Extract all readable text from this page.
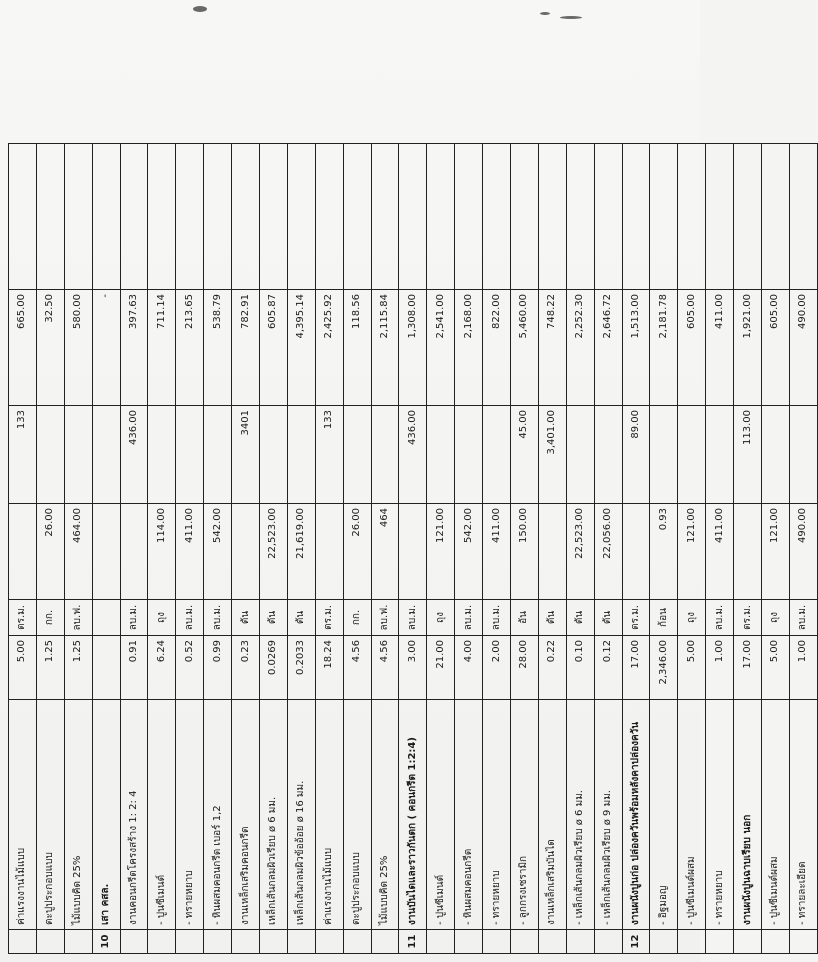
	ค่าแรงงานไม้แบบ	5.00	ตร.ม.		133	665.00	
	ตะปูประกอบแบบ	1.25	กก.	26.00		32.50	
	ไม้แบบคิด 25%	1.25	ลบ.ฟ.	464.00		580.00	
10	เสา คสล.					-	
	งานคอนกรีตโครงสร้าง 1: 2: 4	0.91	ลบ.ม.		436.00	397.63	
	- ปูนซีเมนต์	6.24	ถุง	114.00		711.14	
	- ทรายหยาบ	0.52	ลบ.ม.	411.00		213.65	
	- หินผสมคอนกรีต เบอร์ 1,2	0.99	ลบ.ม.	542.00		538.79	
	งานเหล็กเสริมคอนกรีต	0.23	ตัน		3401	782.91	
	เหล็กเส้นกลมผิวเรียบ ø 6 มม.	0.0269	ตัน	22,523.00		605.87	
	เหล็กเส้นกลมผิวข้ออ้อย ø 16 มม.	0.2033	ตัน	21,619.00		4,395.14	
	ค่าแรงงานไม้แบบ	18.24	ตร.ม.		133	2,425.92	
	ตะปูประกอบแบบ	4.56	กก.	26.00		118.56	
	ไม้แบบคิด 25%	4.56	ลบ.ฟ.	464		2,115.84	
11	งานบันไดและราวกันตก ( คอนกรีต 1:2:4)	3.00	ลบ.ม.		436.00	1,308.00	
	- ปูนซีเมนต์	21.00	ถุง	121.00		2,541.00	
	- หินผสมคอนกรีต	4.00	ลบ.ม.	542.00		2,168.00	
	- ทรายหยาบ	2.00	ลบ.ม.	411.00		822.00	
	- ลูกกรงเซรามิก	28.00	อัน	150.00	45.00	5,460.00	
	งานเหล็กเสริมบันได	0.22	ตัน		3,401.00	748.22	
	- เหล็กเส้นกลมผิวเรียบ ø 6 มม.	0.10	ตัน	22,523.00		2,252.30	
	- เหล็กเส้นกลมผิวเรียบ ø 9 มม.	0.12	ตัน	22,056.00		2,646.72	
12	งานผนังปูนก่อ ปล่องควันพร้อมหลังคาปล่องควัน	17.00	ตร.ม.		89.00	1,513.00	
	- อิฐมอญ	2,346.00	ก้อน	0.93		2,181.78	
	- ปูนซีเมนต์ผสม	5.00	ถุง	121.00		605.00	
	- ทรายหยาบ	1.00	ลบ.ม.	411.00		411.00	
	งานผนังปูนฉาบเรียบ นอก	17.00	ตร.ม.		113.00	1,921.00	
	- ปูนซีเมนต์ผสม	5.00	ถุง	121.00		605.00	
	- ทรายละเอียด	1.00	ลบ.ม.	490.00		490.00	
